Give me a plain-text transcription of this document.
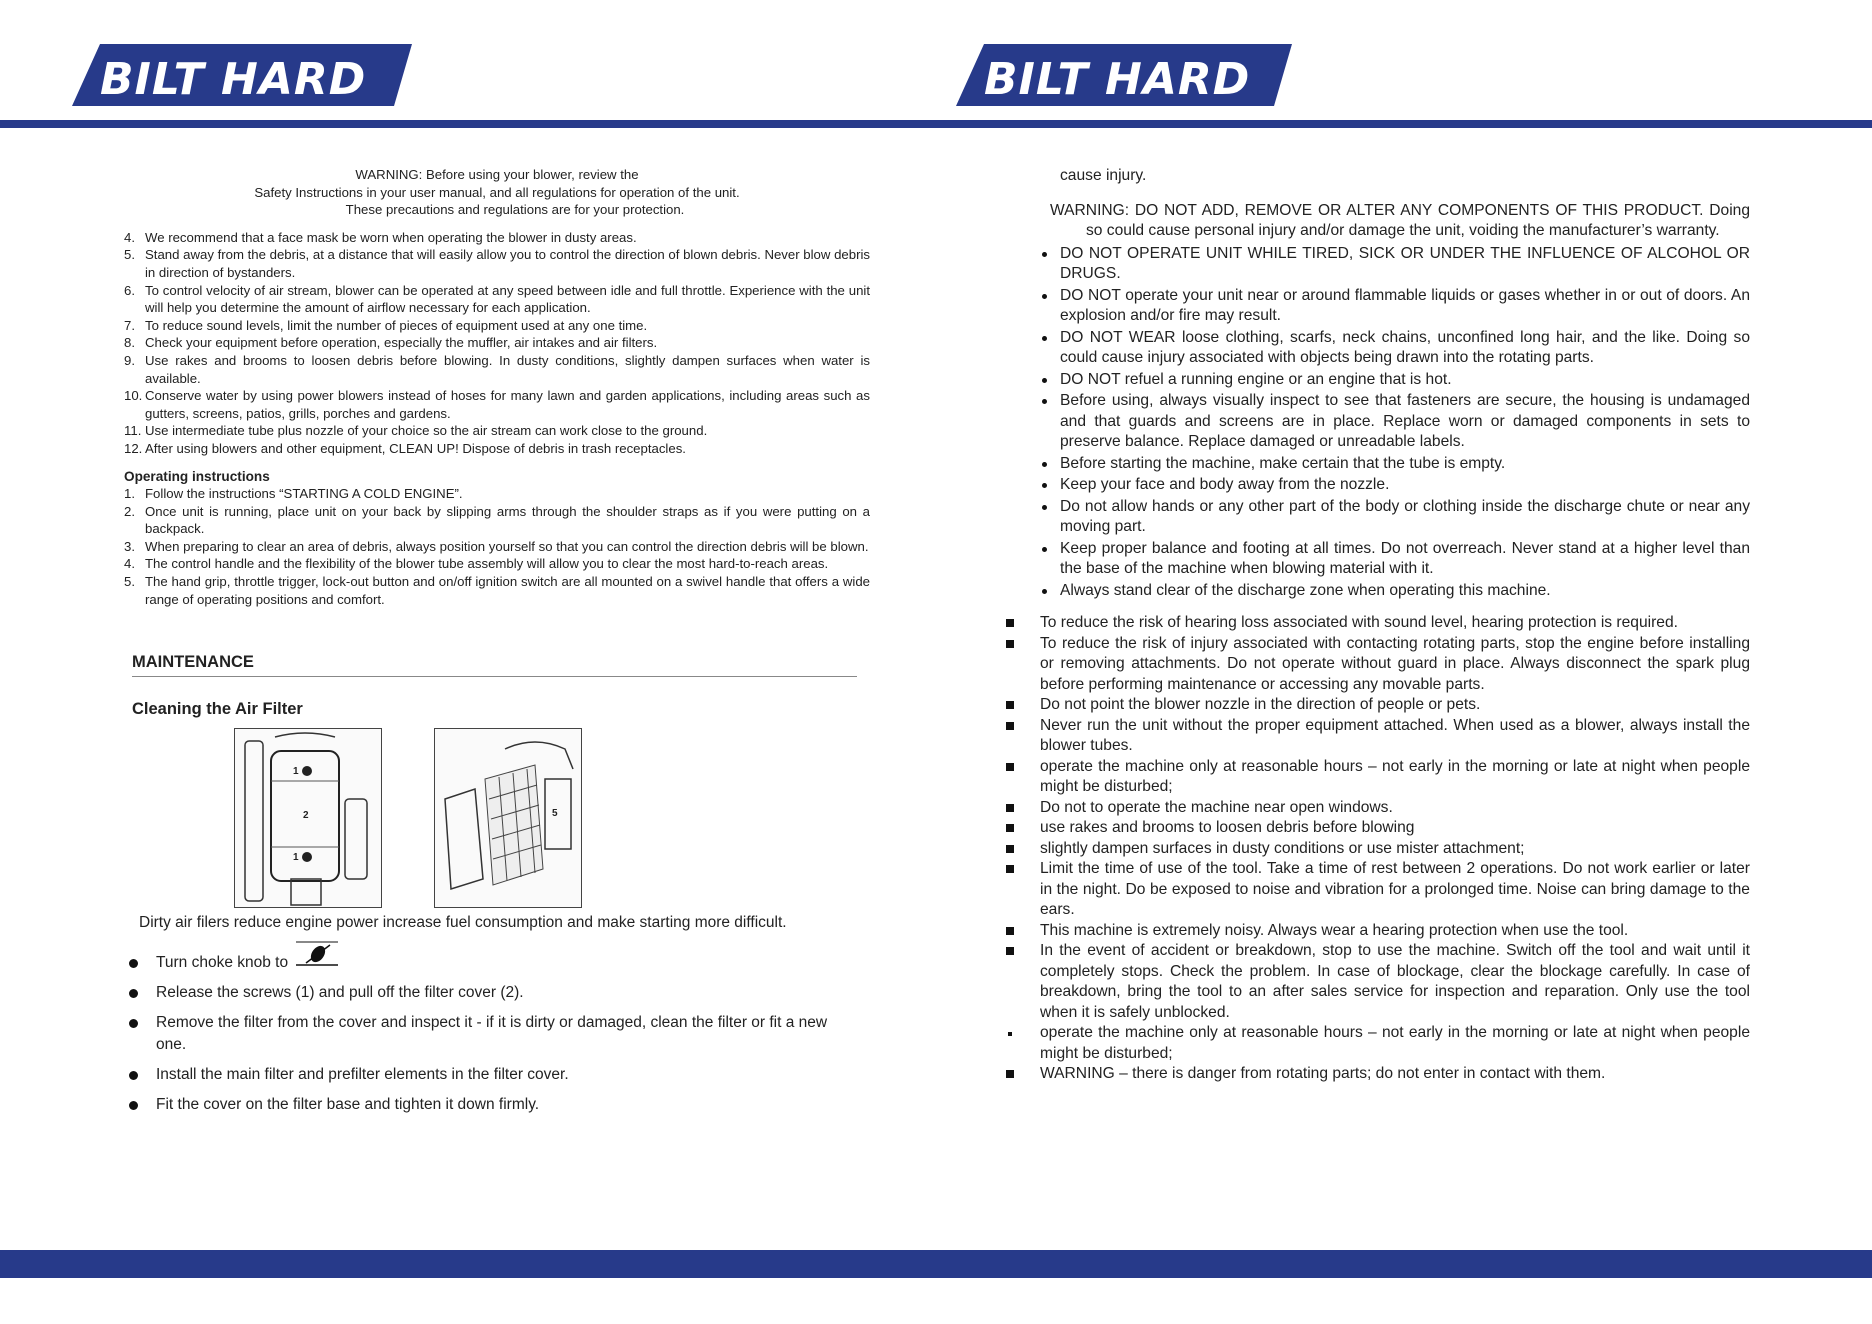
BILT HARD	BILT HARD
WARNING: Before using your blower, review the
Safety Instructions in your user manual, and all regulations for operation of the unit.
These precautions and regulations are for your protection.
4. We recommend that a face mask be worn when operating the blower in dusty areas.
5. Stand away from the debris, at a distance that will easily allow you to control the direction of blown debris. Never blow debris in direction of bystanders.
6. To control velocity of air stream, blower can be operated at any speed between idle and full throttle. Experience with the unit will help you determine the amount of airflow necessary for each application.
7. To reduce sound levels, limit the number of pieces of equipment used at any one time.
8. Check your equipment before operation, especially the muffler, air intakes and air filters.
9. Use rakes and brooms to loosen debris before blowing. In dusty conditions, slightly dampen surfaces when water is available.
10. Conserve water by using power blowers instead of hoses for many lawn and garden applications, including areas such as gutters, screens, patios, grills, porches and gardens.
11. Use intermediate tube plus nozzle of your choice so the air stream can work close to the ground.
12. After using blowers and other equipment, CLEAN UP! Dispose of debris in trash receptacles.
Operating instructions
1. Follow the instructions “STARTING A COLD ENGINE”.
2. Once unit is running, place unit on your back by slipping arms through the shoulder straps as if you were putting on a backpack.
3. When preparing to clear an area of debris, always position yourself so that you can control the direction debris will be blown.
4. The control handle and the flexibility of the blower tube assembly will allow you to clear the most hard-to-reach areas.
5. The hand grip, throttle trigger, lock-out button and on/off ignition switch are all mounted on a swivel handle that offers a wide range of operating positions and comfort.
MAINTENANCE
Cleaning the Air Filter
1
2
1
5
Dirty air filers reduce engine power increase fuel consumption and make starting more difficult.
Turn choke knob to
Release the screws (1) and pull off the filter cover (2).
Remove the filter from the cover and inspect it - if it is dirty or damaged, clean the filter or fit a new one.
Install the main filter and prefilter elements in the filter cover.
Fit the cover on the filter base and tighten it down firmly.
cause injury.
WARNING: DO NOT ADD, REMOVE OR ALTER ANY COMPONENTS OF THIS PRODUCT. Doing so could cause personal injury and/or damage the unit, voiding the manufacturer’s warranty.
DO NOT OPERATE UNIT WHILE TIRED, SICK OR UNDER THE INFLUENCE OF ALCOHOL OR DRUGS.
DO NOT operate your unit near or around flammable liquids or gases whether in or out of doors. An explosion and/or fire may result.
DO NOT WEAR loose clothing, scarfs, neck chains, unconfined long hair, and the like. Doing so could cause injury associated with objects being drawn into the rotating parts.
DO NOT refuel a running engine or an engine that is hot.
Before using, always visually inspect to see that fasteners are secure, the housing is undamaged and that guards and screens are in place. Replace worn or damaged components in sets to preserve balance. Replace damaged or unreadable labels.
Before starting the machine, make certain that the tube is empty.
Keep your face and body away from the nozzle.
Do not allow hands or any other part of the body or clothing inside the discharge chute or near any moving part.
Keep proper balance and footing at all times. Do not overreach. Never stand at a higher level than the base of the machine when blowing material with it.
Always stand clear of the discharge zone when operating this machine.
To reduce the risk of hearing loss associated with sound level, hearing protection is required.
To reduce the risk of injury associated with contacting rotating parts, stop the engine before installing or removing attachments. Do not operate without guard in place. Always disconnect the spark plug before performing maintenance or accessing any movable parts.
Do not point the blower nozzle in the direction of people or pets.
Never run the unit without the proper equipment attached. When used as a blower, always install the blower tubes.
operate the machine only at reasonable hours – not early in the morning or late at night when people might be disturbed;
Do not to operate the machine near open windows.
use rakes and brooms to loosen debris before blowing
slightly dampen surfaces in dusty conditions or use mister attachment;
Limit the time of use of the tool. Take a time of rest between 2 operations. Do not work earlier or later in the night. Do be exposed to noise and vibration for a prolonged time. Noise can bring damage to the ears.
This machine is extremely noisy. Always wear a hearing protection when use the tool.
In the event of accident or breakdown, stop to use the machine. Switch off the tool and wait until it completely stops. Check the problem. In case of blockage, clear the blockage carefully. In case of breakdown, bring the tool to an after sales service for inspection and reparation. Only use the tool when it is safely unblocked.
operate the machine only at reasonable hours – not early in the morning or late at night when people might be disturbed;
WARNING – there is danger from rotating parts; do not enter in contact with them.
